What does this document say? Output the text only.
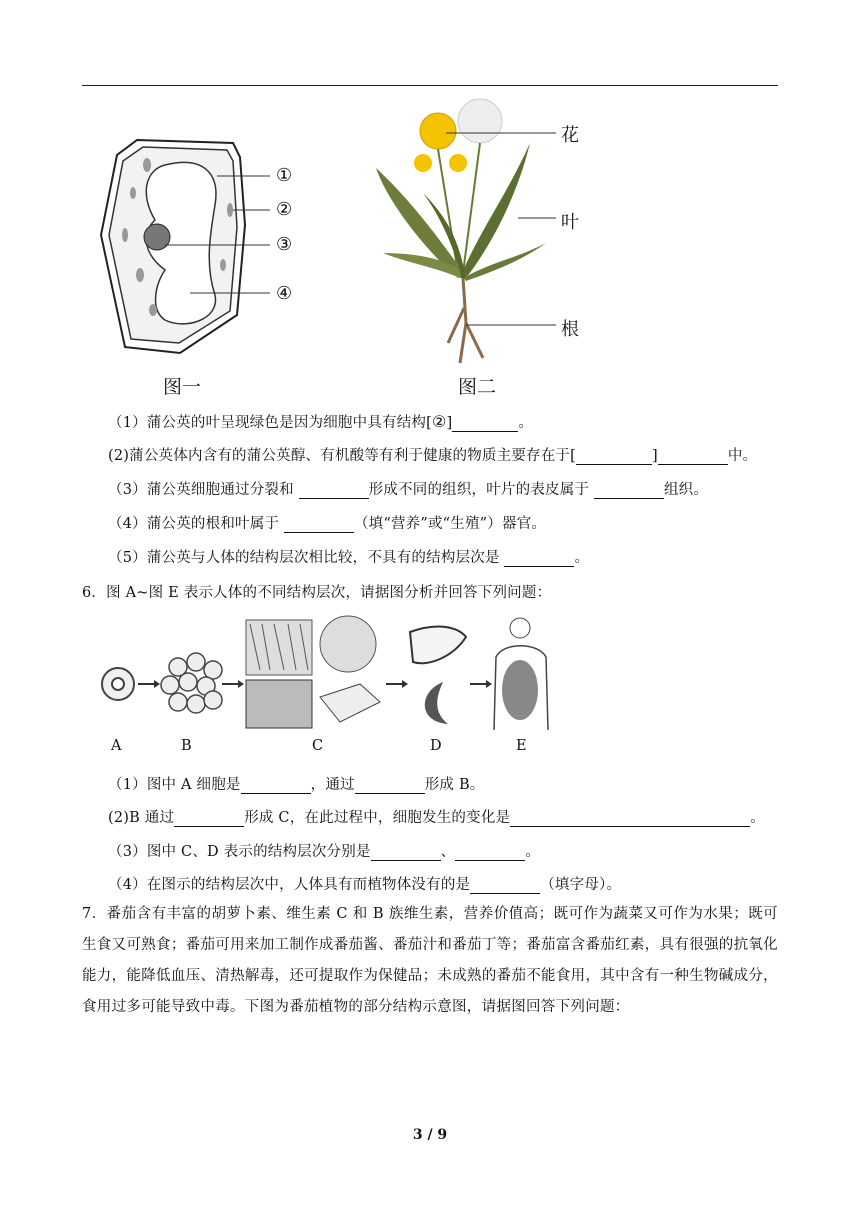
①
②
③
④
图一
花
叶
根
图二
（1）蒲公英的叶呈现绿色是因为细胞中具有结构[②]	。
(2)蒲公英体内含有的蒲公英醇、有机酸等有利于健康的物质主要存在于[	]	中。
（3）蒲公英细胞通过分裂和	形成不同的组织，叶片的表皮属于	组织。
（4）蒲公英的根和叶属于	（填“营养”或“生殖”）器官。
（5）蒲公英与人体的结构层次相比较，不具有的结构层次是	。
6．图 A~图 E 表示人体的不同结构层次，请据图分析并回答下列问题：
A	B	C	D	E
（1）图中 A 细胞是	，通过	形成 B。
(2)B 通过	形成 C，在此过程中，细胞发生的变化是	。
（3）图中 C、D 表示的结构层次分别是	、	。
（4）在图示的结构层次中，人体具有而植物体没有的是	（填字母）。
7．番茄含有丰富的胡萝卜素、维生素 C 和 B 族维生素，营养价值高；既可作为蔬菜又可作为水果；既可生食又可熟食；番茄可用来加工制作成番茄酱、番茄汁和番茄丁等；番茄富含番茄红素，具有很强的抗氧化能力，能降低血压、清热解毒，还可提取作为保健品；未成熟的番茄不能食用，其中含有一种生物碱成分，食用过多可能导致中毒。下图为番茄植物的部分结构示意图，请据图回答下列问题：
3 / 9
